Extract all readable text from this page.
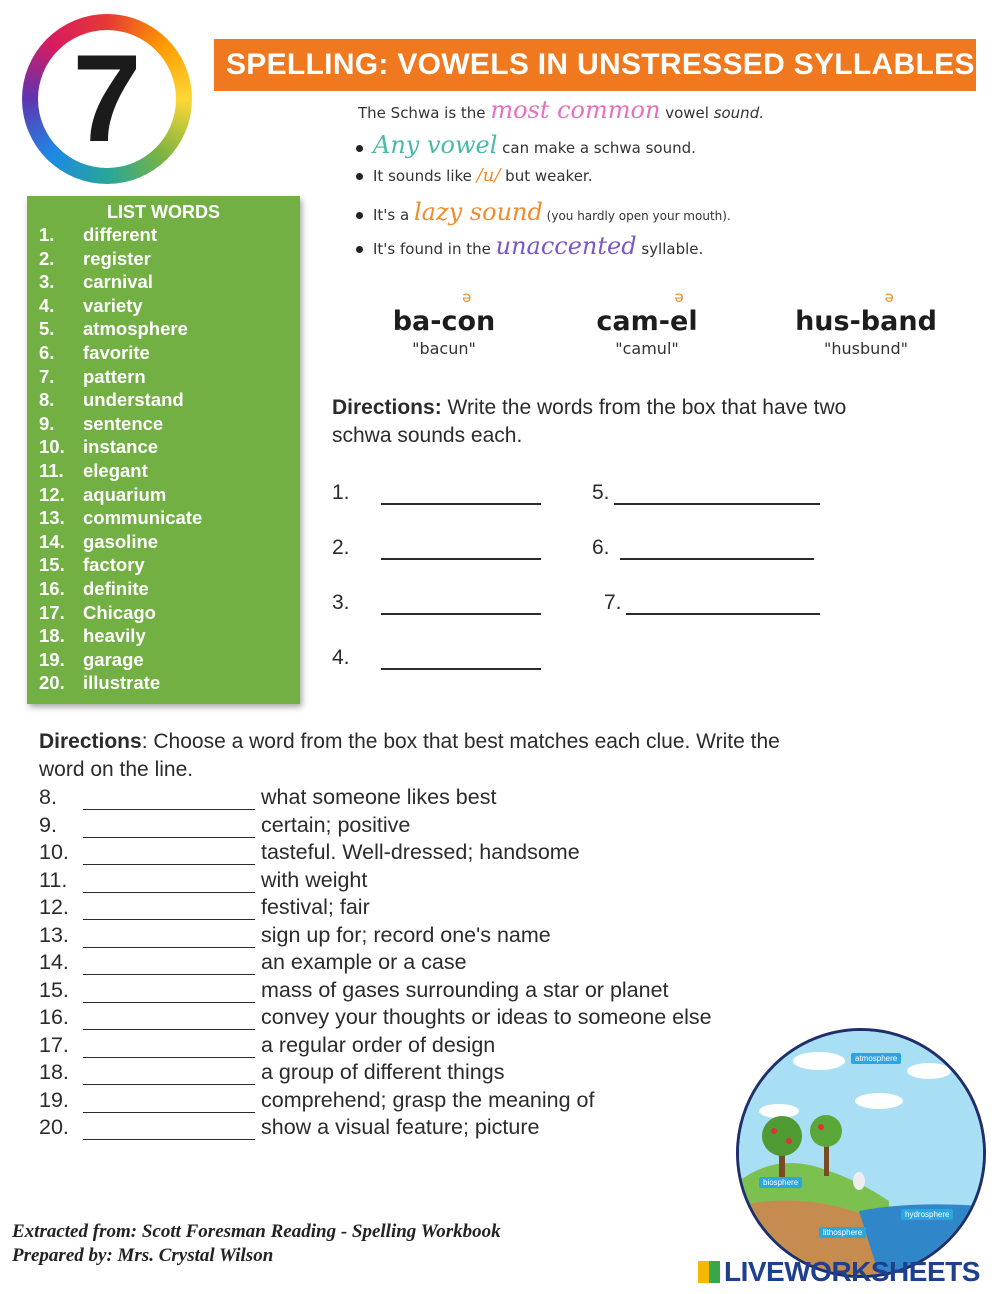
7	SPELLING: VOWELS IN UNSTRESSED SYLLABLES
The Schwa is the most common vowel sound.
Any vowel can make a schwa sound.
It sounds like /u/ but weaker.
It's a lazy sound (you hardly open your mouth).
It's found in the unaccented syllable.
ba-co
ə
n
"bacun"
cam-e
ə
l
"camul"
hus-ba
ə
nd
"husbund"
LIST WORDS
1. different
2. register
3. carnival
4. variety
5. atmosphere
6. favorite
7. pattern
8. understand
9. sentence
10. instance
11. elegant
12. aquarium
13. communicate
14. gasoline
15. factory
16. definite
17. Chicago
18. heavily
19. garage
20. illustrate
Directions: Write the words from the box that have two
schwa sounds each.
1.
2.
3.
4.
5.
6.
7.
Directions: Choose a word from the box that best matches each clue. Write the
word on the line.
8.	what someone likes best
9.	certain; positive
10.	tasteful. Well-dressed; handsome
11.	with weight
12.	festival; fair
13.	sign up for; record one's name
14.	an example or a case
15.	mass of gases surrounding a star or planet
16.	convey your thoughts or ideas to someone else
17.	a regular order of design
18.	a group of different things
19.	comprehend; grasp the meaning of
20.	show a visual feature; picture
atmosphere
biosphere
hydrosphere
lithosphere
Extracted from: Scott Foresman Reading - Spelling Workbook
Prepared by: Mrs. Crystal Wilson
LIVEWORKSHEETS
